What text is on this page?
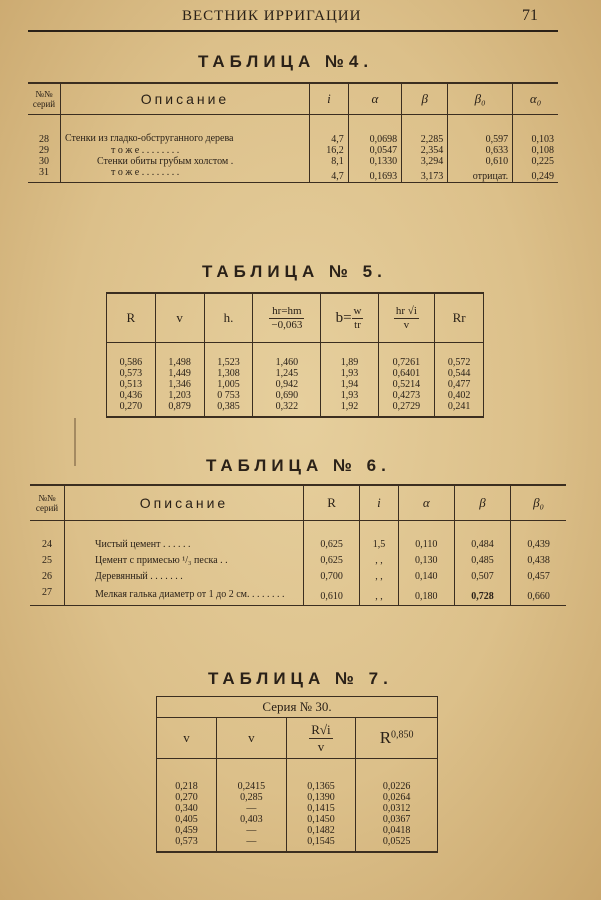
ВЕСТНИК ИРРИГАЦИИ	71
ТАБЛИЦА №4.
№№ серий	Описание	i	α	β	β₀	α₀
28	Стенки из гладко-обструганного дерева	4,7	0,0698	2,285	0,597	0,103
29	т о ж е . . . . . . . .	16,2	0,0547	2,354	0,633	0,108
30	Стенки обиты грубым холстом .	8,1	0,1330	3,294	0,610	0,225
31	т о ж е . . . . . . . .	4,7	0,1693	3,173	отрицат.	0,249
ТАБЛИЦА № 5.
R	v	h.	$\frac{hr=hm}{-0,063}$	$b= \frac{w}{tr}$	$\frac{hr √i}{v}$	Rr
0,586	1,498	1,523	1,460	1,89	0,7261	0,572
0,573	1,449	1,308	1,245	1,93	0,6401	0,544
0,513	1,346	1,005	0,942	1,94	0,5214	0,477
0,436	1,203	0 753	0,690	1,93	0,4273	0,402
0,270	0,879	0,385	0,322	1,92	0,2729	0,241
ТАБЛИЦА № 6.
№№ серий	Описание	R	i	α	β	β₀
24	Чистый цемент . . . . . .	0,625	1,5	0,110	0,484	0,439
25	Цемент с примесью ¹/₃ песка . .	0,625	, ,	0,130	0,485	0,438
26	Деревянный . . . . . . .	0,700	, ,	0,140	0,507	0,457
27	Мелкая галька диаметр от 1 до 2 см. . . . . . . .	0,610	, ,	0,180	0,728	0,660
ТАБЛИЦА № 7.
Серия № 30.			
v	v	$\frac{R√i}{v}$	R$^{0,850}$
0,218	0,2415	0,1365	0,0226
0,270	0,285	0,1390	0,0264
0,340	—	0,1415	0,0312
0,405	0,403	0,1450	0,0367
0,459	—	0,1482	0,0418
0,573	—	0,1545	0,0525
